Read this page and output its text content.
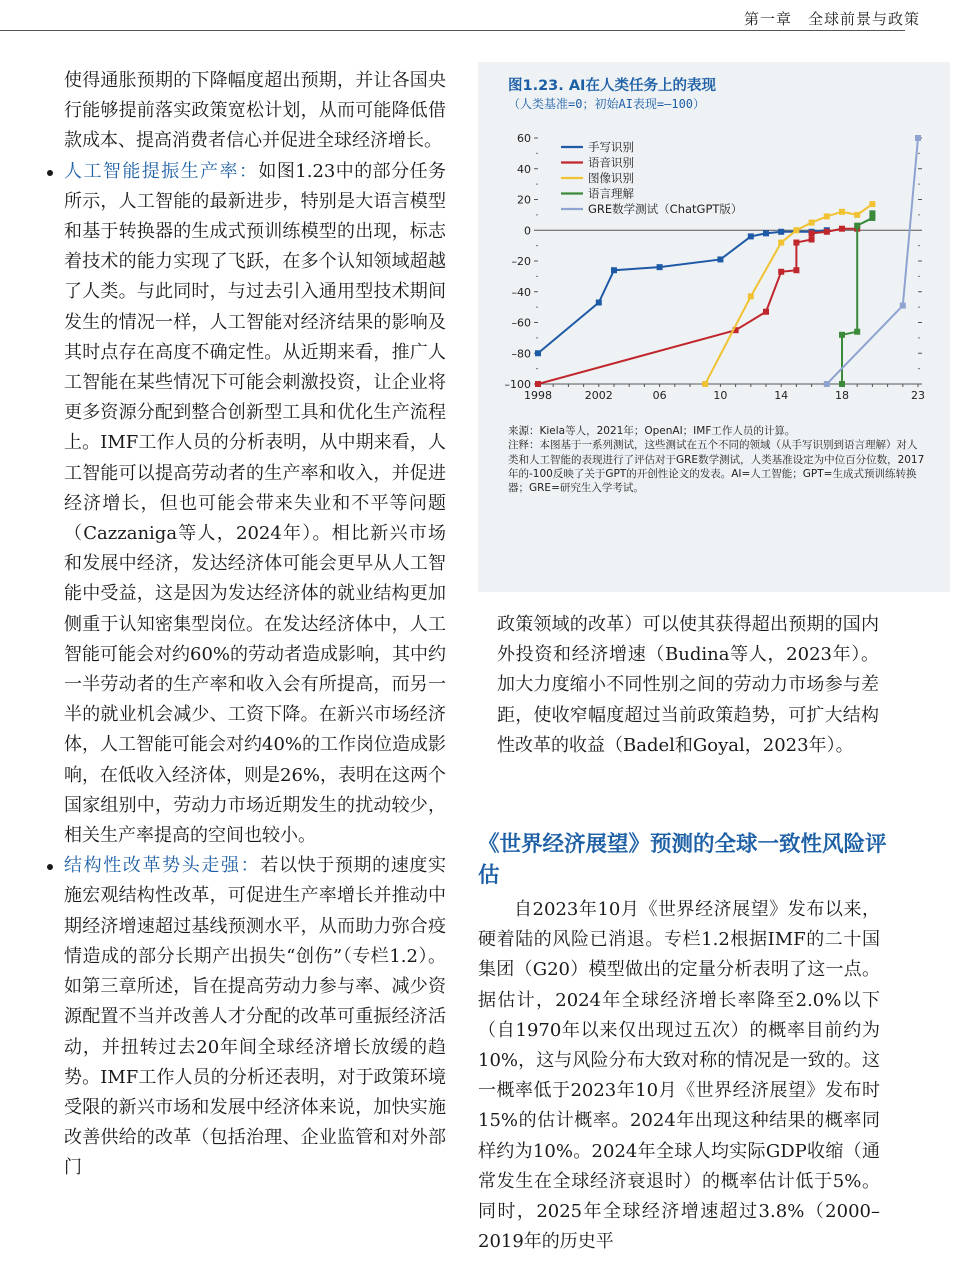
第一章　全球前景与政策

使得通胀预期的下降幅度超出预期，并让各国央行能够提前落实政策宽松计划，从而可能降低借款成本、提高消费者信心并促进全球经济增长。

人工智能提振生产率：如图1.23中的部分任务所示，人工智能的最新进步，特别是大语言模型和基于转换器的生成式预训练模型的出现，标志着技术的能力实现了飞跃，在多个认知领域超越了人类。与此同时，与过去引入通用型技术期间发生的情况一样，人工智能对经济结果的影响及其时点存在高度不确定性。从近期来看，推广人工智能在某些情况下可能会刺激投资，让企业将更多资源分配到整合创新型工具和优化生产流程上。IMF工作人员的分析表明，从中期来看，人工智能可以提高劳动者的生产率和收入，并促进经济增长，但也可能会带来失业和不平等问题（Cazzaniga等人，2024年）。相比新兴市场和发展中经济，发达经济体可能会更早从人工智能中受益，这是因为发达经济体的就业结构更加侧重于认知密集型岗位。在发达经济体中，人工智能可能会对约60%的劳动者造成影响，其中约一半劳动者的生产率和收入会有所提高，而另一半的就业机会减少、工资下降。在新兴市场经济体，人工智能可能会对约40%的工作岗位造成影响，在低收入经济体，则是26%，表明在这两个国家组别中，劳动力市场近期发生的扰动较少，相关生产率提高的空间也较小。

结构性改革势头走强：若以快于预期的速度实施宏观结构性改革，可促进生产率增长并推动中期经济增速超过基线预测水平，从而助力弥合疫情造成的部分长期产出损失“创伤”（专栏1.2）。如第三章所述，旨在提高劳动力参与率、减少资源配置不当并改善人才分配的改革可重振经济活动，并扭转过去20年间全球经济增长放缓的趋势。IMF工作人员的分析还表明，对于政策环境受限的新兴市场和发展中经济体来说，加快实施改善供给的改革（包括治理、企业监管和对外部门

图1.23. AI在人类任务上的表现
（人类基准=0；初始AI表现=–100）
60
40
20
0
–20
–40
–60
–80
–100
1998	2002	06	10	14	18	23
手写识别
语音识别
图像识别
语言理解
GRE数学测试（ChatGPT版）

来源：Kiela等人，2021年；OpenAI；IMF工作人员的计算。

注释：本图基于一系列测试，这些测试在五个不同的领域（从手写识别到语言理解）对人类和人工智能的表现进行了评估对于GRE数学测试，人类基准设定为中位百分位数，2017年的-100反映了关于GPT的开创性论文的发表。AI=人工智能；GPT=生成式预训练转换器；GRE=研究生入学考试。

政策领域的改革）可以使其获得超出预期的国内外投资和经济增速（Budina等人，2023年）。加大力度缩小不同性别之间的劳动力市场参与差距，使收窄幅度超过当前政策趋势，可扩大结构性改革的收益（Badel和Goyal，2023年）。

《世界经济展望》预测的全球一致性风险评估

自2023年10月《世界经济展望》发布以来，硬着陆的风险已消退。专栏1.2根据IMF的二十国集团（G20）模型做出的定量分析表明了这一点。据估计，2024年全球经济增长率降至2.0%以下（自1970年以来仅出现过五次）的概率目前约为10%，这与风险分布大致对称的情况是一致的。这一概率低于2023年10月《世界经济展望》发布时15%的估计概率。2024年出现这种结果的概率同样约为10%。2024年全球人均实际GDP收缩（通常发生在全球经济衰退时）的概率估计低于5%。同时，2025年全球经济增速超过3.8%（2000–2019年的历史平
